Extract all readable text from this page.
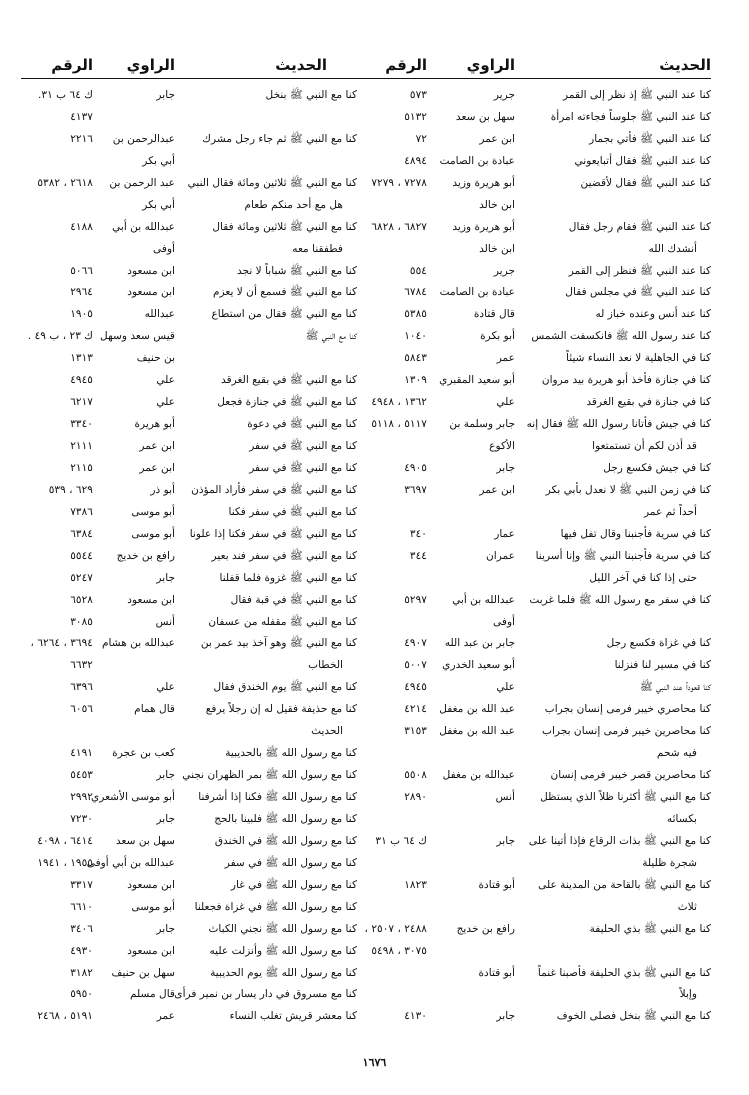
الحديث
الراوي
الرقم
كنا عند النبي ﷺ إذ نظر إلى القمر
جرير
٥٧٣
كنا عند النبي ﷺ جلوساً فجاءته امرأة
سهل بن سعد
٥١٣٢
كنا عند النبي ﷺ فأتي بجمار
ابن عمر
٧٢
كنا عند النبي ﷺ فقال أتبايعوني
عبادة بن الصامت
٤٨٩٤
كنا عند النبي ﷺ فقال لأقضين
أبو هريرة وزيد
٧٢٧٨ ، ٧٢٧٩
ابن خالد
كنا عند النبي ﷺ فقام رجل فقال
أبو هريرة وزيد
٦٨٢٧ ، ٦٨٢٨
أنشدك الله
ابن خالد
كنا عند النبي ﷺ فنظر إلى القمر
جرير
٥٥٤
كنا عند النبي ﷺ في مجلس فقال
عبادة بن الصامت
٦٧٨٤
كنا عند أنس وعنده خباز له
قال قتادة
٥٣٨٥
كنا عند رسول الله ﷺ فانكسفت الشمس
أبو بكرة
١٠٤٠
كنا في الجاهلية لا نعد النساء شيئاً
عمر
٥٨٤٣
كنا في جنازة فأخذ أبو هريرة بيد مروان
أبو سعيد المقبري
١٣٠٩
كنا في جنازة في بقيع الغرقد
علي
١٣٦٢ ، ٤٩٤٨
كنا في جيش فأتانا رسول الله ﷺ فقال إنه
جابر وسلمة بن
٥١١٧ ، ٥١١٨
قد أذن لكم أن تستمتعوا
الأكوع
كنا في جيش فكسع رجل
جابر
٤٩٠٥
كنا في زمن النبي ﷺ لا نعدل بأبي بكر
ابن عمر
٣٦٩٧
أحداً ثم عمر
كنا في سرية فأجنبنا وقال تفل فيها
عمار
٣٤٠
كنا في سرية فأجنبنا النبي ﷺ وإنا أسرينا
عمران
٣٤٤
حتى إذا كنا في آخر الليل
كنا في سفر مع رسول الله ﷺ فلما غربت
عبدالله بن أبي
٥٢٩٧
أوفى
كنا في غزاة فكسع رجل
جابر بن عبد الله
٤٩٠٧
كنا في مسير لنا فنزلنا
أبو سعيد الخدري
٥٠٠٧
كنا قعوداً عند النبي ﷺ
علي
٤٩٤٥
كنا محاصري خيبر فرمى إنسان بجراب
عبد الله بن مغفل
٤٢١٤
كنا محاصرين خيبر فرمى إنسان بجراب
عبد الله بن مغفل
٣١٥٣
فيه شحم
كنا محاصرين قصر خيبر فرمى إنسان
عبدالله بن مغفل
٥٥٠٨
كنا مع النبي ﷺ أكثرنا ظلاً الذي يستظل
أنس
٢٨٩٠
بكسائه
كنا مع النبي ﷺ بذات الرقاع فإذا أتينا على
جابر
ك ٦٤ ب ٣١
شجرة ظليلة
كنا مع النبي ﷺ بالقاحة من المدينة على
أبو قتادة
١٨٢٣
ثلاث
كنا مع النبي ﷺ بذي الحليفة
رافع بن خديج
٢٤٨٨ ، ٢٥٠٧ ،
٣٠٧٥ ، ٥٤٩٨
كنا مع النبي ﷺ بذي الحليفة فأصبنا غنماً
أبو قتادة
وإبلاً
كنا مع النبي ﷺ بنخل فصلى الخوف
جابر
٤١٣٠
الحديث
الراوي
الرقم
كنا مع النبي ﷺ بنخل
جابر
ك ٦٤ ب ٣١.
٤١٣٧
كنا مع النبي ﷺ ثم جاء رجل مشرك
عبدالرحمن بن
٢٢١٦
أبي بكر
كنا مع النبي ﷺ ثلاثين ومائة فقال النبي
عبد الرحمن بن
٢٦١٨ ، ٥٣٨٢
هل مع أحد منكم طعام
أبي بكر
كنا مع النبي ﷺ ثلاثين ومائة فقال
عبدالله بن أبي
٤١٨٨
فطفقنا معه
أوفى
كنا مع النبي ﷺ شباباً لا نجد
ابن مسعود
٥٠٦٦
كنا مع النبي ﷺ فسمع أن لا يعزم
ابن مسعود
٢٩٦٤
كنا مع النبي ﷺ فقال من استطاع
عبدالله
١٩٠٥
كنا مع النبي ﷺ
قيس سعد وسهل
ك ٢٣ ، ب ٤٩ .
بن حنيف
١٣١٣
كنا مع النبي ﷺ في بقيع الغرقد
علي
٤٩٤٥
كنا مع النبي ﷺ في جنازة فجعل
علي
٦٢١٧
كنا مع النبي ﷺ في دعوة
أبو هريرة
٣٣٤٠
كنا مع النبي ﷺ في سفر
ابن عمر
٢١١١
كنا مع النبي ﷺ في سفر
ابن عمر
٢١١٥
كنا مع النبي ﷺ في سفر فأراد المؤذن
أبو ذر
٦٢٩ ، ٥٣٩
كنا مع النبي ﷺ في سفر فكنا
أبو موسى
٧٣٨٦
كنا مع النبي ﷺ في سفر فكنا إذا علونا
أبو موسى
٦٣٨٤
كنا مع النبي ﷺ في سفر فند بعير
رافع بن خديج
٥٥٤٤
كنا مع النبي ﷺ غزوة فلما قفلنا
جابر
٥٢٤٧
كنا مع النبي ﷺ في قبة فقال
ابن مسعود
٦٥٢٨
كنا مع النبي ﷺ مقفله من عسفان
أنس
٣٠٨٥
كنا مع النبي ﷺ وهو آخذ بيد عمر بن
عبدالله بن هشام
٣٦٩٤ ، ٦٢٦٤ ،
الخطاب
٦٦٣٢
كنا مع النبي ﷺ يوم الخندق فقال
علي
٦٣٩٦
كنا مع حذيفة فقيل له إن رجلاً يرفع
قال همام
٦٠٥٦
الحديث
كنا مع رسول الله ﷺ بالحديبية
كعب بن عجرة
٤١٩١
كنا مع رسول الله ﷺ بمر الظهران نجني
جابر
٥٤٥٣
كنا مع رسول الله ﷺ فكنا إذا أشرفنا
أبو موسى الأشعري
٢٩٩٢
كنا مع رسول الله ﷺ فلبينا بالحج
جابر
٧٢٣٠
كنا مع رسول الله ﷺ في الخندق
سهل بن سعد
٦٤١٤ ، ٤٠٩٨
كنا مع رسول الله ﷺ في سفر
عبدالله بن أبي أوفى
١٩٥٥ ، ١٩٤١
كنا مع رسول الله ﷺ في غار
ابن مسعود
٣٣١٧
كنا مع رسول الله ﷺ في غزاة فجعلنا
أبو موسى
٦٦١٠
كنا مع رسول الله ﷺ نجني الكباث
جابر
٣٤٠٦
كنا مع رسول الله ﷺ وأنزلت عليه
ابن مسعود
٤٩٣٠
كنا مع رسول الله ﷺ يوم الحديبية
سهل بن حنيف
٣١٨٢
كنا مع مسروق في دار يسار بن نمير فرأى
قال مسلم
٥٩٥٠
كنا معشر قريش تغلب النساء
عمر
٥١٩١ ، ٢٤٦٨
١٦٧٦
